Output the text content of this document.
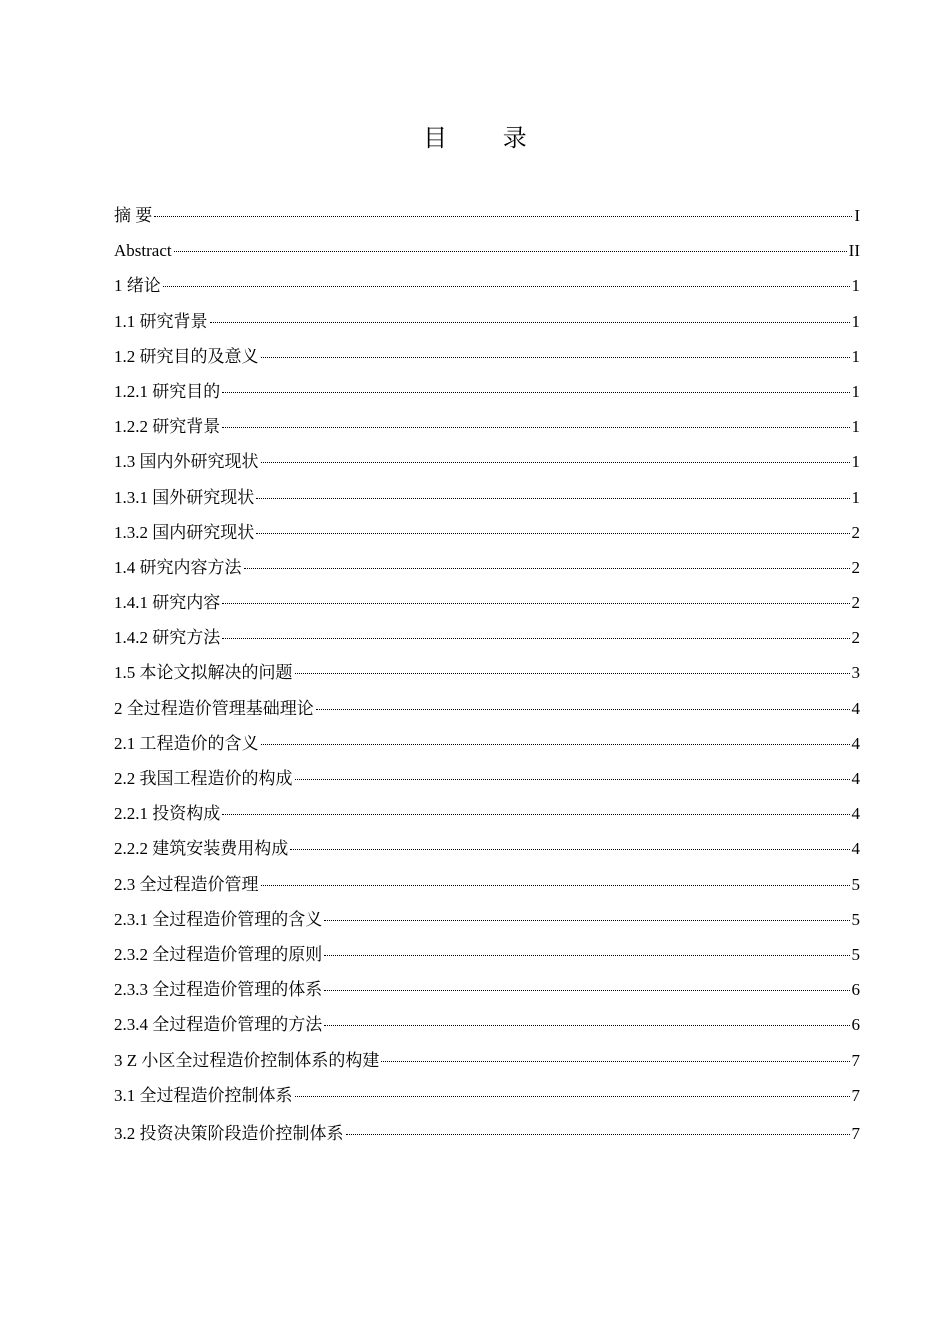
目 录
摘 要	I
Abstract	II
1 绪论	1
1.1 研究背景	1
1.2 研究目的及意义	1
1.2.1 研究目的	1
1.2.2 研究背景	1
1.3 国内外研究现状	1
1.3.1 国外研究现状	1
1.3.2 国内研究现状	2
1.4 研究内容方法	2
1.4.1 研究内容	2
1.4.2 研究方法	2
1.5 本论文拟解决的问题	3
2 全过程造价管理基础理论	4
2.1 工程造价的含义	4
2.2 我国工程造价的构成	4
2.2.1 投资构成	4
2.2.2 建筑安装费用构成	4
2.3 全过程造价管理	5
2.3.1 全过程造价管理的含义	5
2.3.2 全过程造价管理的原则	5
2.3.3 全过程造价管理的体系	6
2.3.4 全过程造价管理的方法	6
3 Z 小区全过程造价控制体系的构建	7
3.1 全过程造价控制体系	7
3.2 投资决策阶段造价控制体系	7
